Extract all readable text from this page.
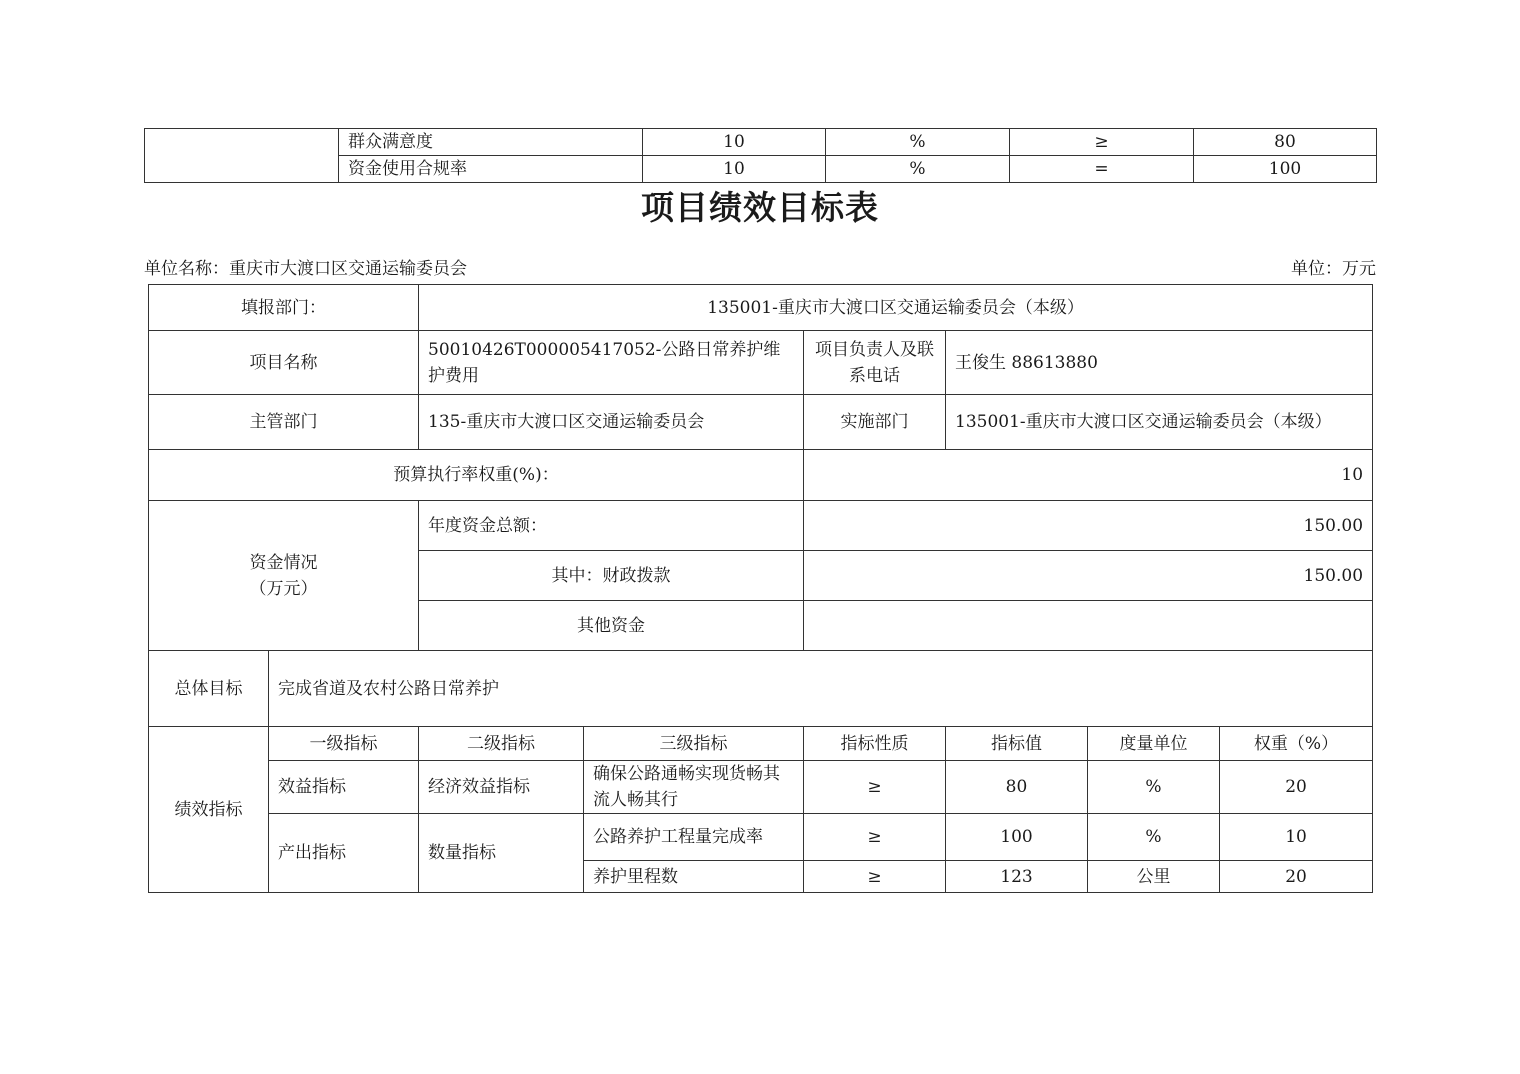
	群众满意度	10	%	≥	80
	资金使用合规率	10	%	=	100
项目绩效目标表
单位名称：重庆市大渡口区交通运输委员会	单位：万元
填报部门：		135001-重庆市大渡口区交通运输委员会（本级）					
项目名称		50010426T000005417052-公路日常养护维护费用		项目负责人及联系电话	王俊生 88613880		
主管部门		135-重庆市大渡口区交通运输委员会		实施部门	135001-重庆市大渡口区交通运输委员会（本级）		
预算执行率权重(%)：				10			

资金情况
（万元）		年度资金总额：		150.00			
		其中：财政拨款		150.00			
		其他资金					
总体目标	完成省道及农村公路日常养护						
绩效指标	一级指标	二级指标	三级指标	指标性质	指标值	度量单位	权重（%）
	效益指标	经济效益指标	确保公路通畅实现货畅其流人畅其行	≥	80	%	20
	产出指标	数量指标	公路养护工程量完成率	≥	100	%	10
			养护里程数	≥	123	公里	20
